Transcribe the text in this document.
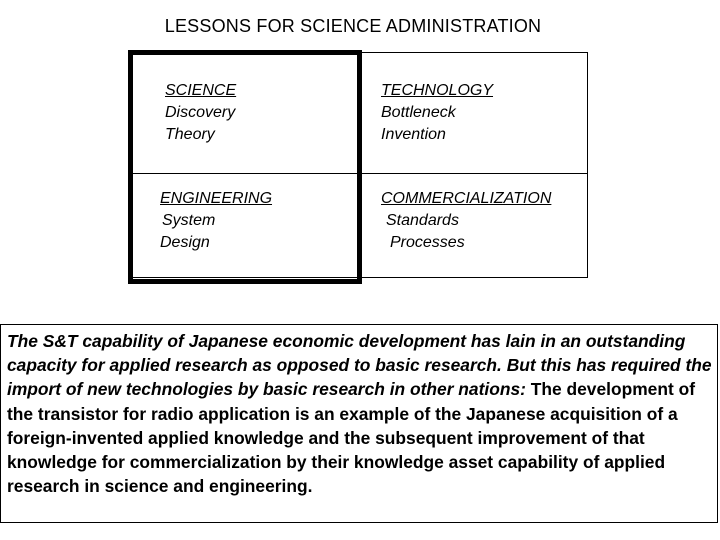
LESSONS FOR SCIENCE ADMINISTRATION
SCIENCE
Discovery
Theory
TECHNOLOGY
Bottleneck
Invention
ENGINEERING
System
Design
COMMERCIALIZATION
Standards
Processes
The S&T capability of Japanese economic development has lain in an outstanding capacity for applied research as opposed to basic research. But this has required the import of new technologies by basic research in other nations: The development of the transistor for radio application is an example of the Japanese acquisition of a foreign-invented applied knowledge and the subsequent improvement of that knowledge for commercialization by their knowledge asset capability of applied research in science and engineering.
